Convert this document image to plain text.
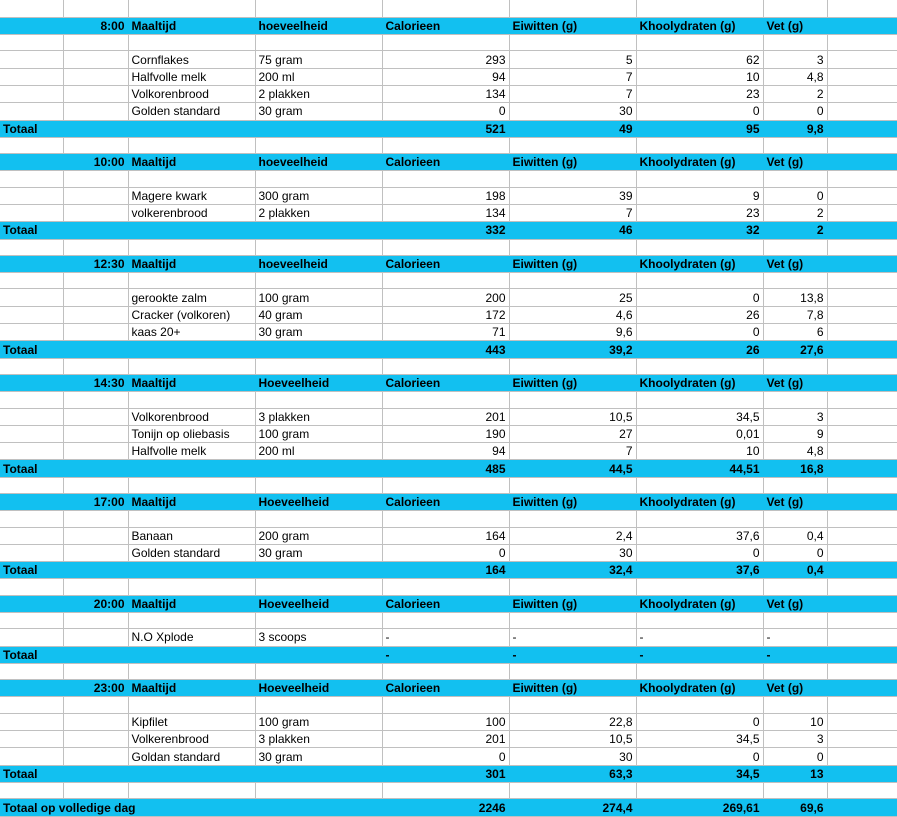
	8:00	Maaltijd	hoeveelheid	Calorieen	Eiwitten (g)	Khoolydraten (g)	Vet (g)	

		Cornflakes	75 gram	293	5	62	3	
		Halfvolle melk	200 ml	94	7	10	4,8	
		Volkorenbrood	2 plakken	134	7	23	2	
		Golden standard	30 gram	0	30	0	0	
Totaal				521	49	95	9,8	

	10:00	Maaltijd	hoeveelheid	Calorieen	Eiwitten (g)	Khoolydraten (g)	Vet (g)	

		Magere kwark	300 gram	198	39	9	0	
		volkerenbrood	2 plakken	134	7	23	2	
Totaal				332	46	32	2	

	12:30	Maaltijd	hoeveelheid	Calorieen	Eiwitten (g)	Khoolydraten (g)	Vet (g)	

		gerookte zalm	100 gram	200	25	0	13,8	
		Cracker (volkoren)	40 gram	172	4,6	26	7,8	
		kaas 20+	30 gram	71	9,6	0	6	
Totaal				443	39,2	26	27,6	

	14:30	Maaltijd	Hoeveelheid	Calorieen	Eiwitten (g)	Khoolydraten (g)	Vet (g)	

		Volkorenbrood	3 plakken	201	10,5	34,5	3	
		Tonijn op oliebasis	100 gram	190	27	0,01	9	
		Halfvolle melk	200 ml	94	7	10	4,8	
Totaal				485	44,5	44,51	16,8	

	17:00	Maaltijd	Hoeveelheid	Calorieen	Eiwitten (g)	Khoolydraten (g)	Vet (g)	

		Banaan	200 gram	164	2,4	37,6	0,4	
		Golden standard	30 gram	0	30	0	0	
Totaal				164	32,4	37,6	0,4	

	20:00	Maaltijd	Hoeveelheid	Calorieen	Eiwitten (g)	Khoolydraten (g)	Vet (g)	

		N.O Xplode	3 scoops	-	-	-	-	
Totaal				-	-	-	-	

	23:00	Maaltijd	Hoeveelheid	Calorieen	Eiwitten (g)	Khoolydraten (g)	Vet (g)	

		Kipfilet	100 gram	100	22,8	0	10	
		Volkerenbrood	3 plakken	201	10,5	34,5	3	
		Goldan standard	30 gram	0	30	0	0	
Totaal				301	63,3	34,5	13	

Totaal op volledige dag				2246	274,4	269,61	69,6	
